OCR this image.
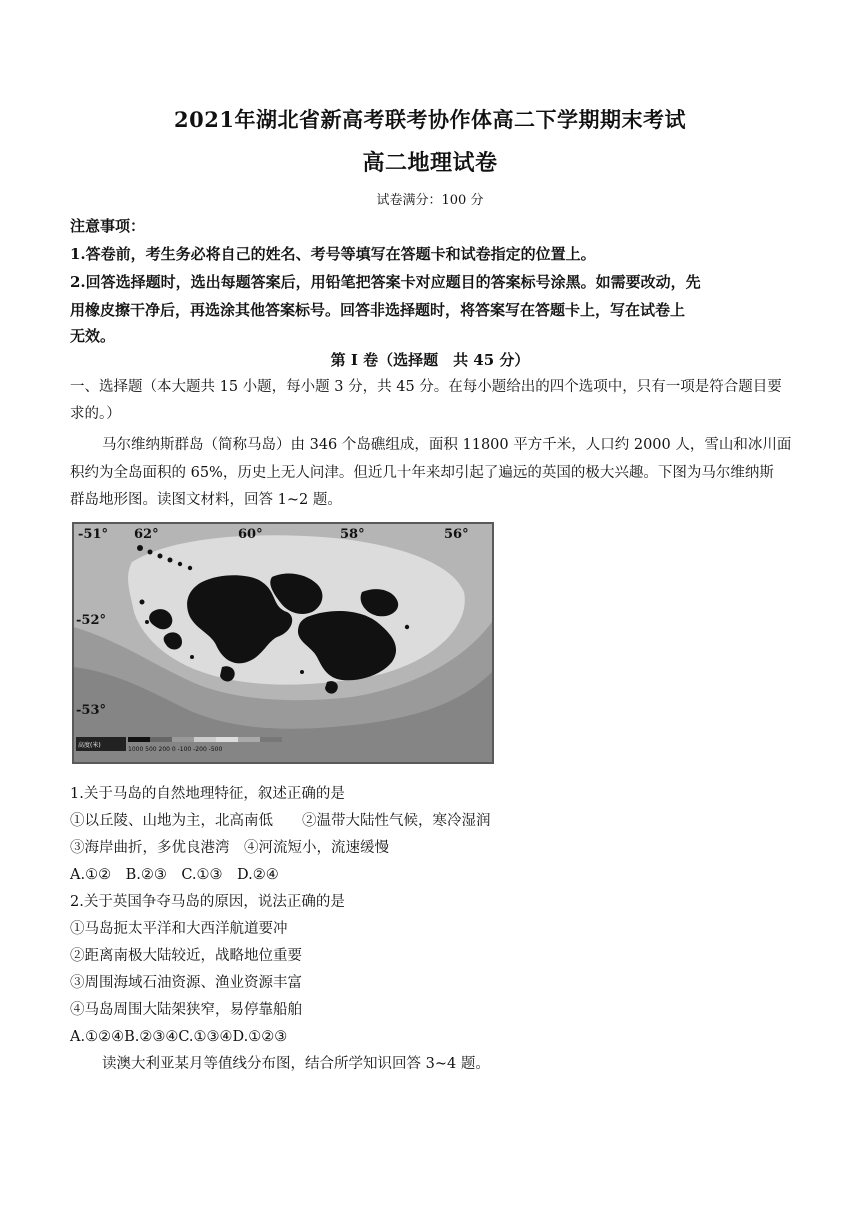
2021年湖北省新高考联考协作体高二下学期期末考试
高二地理试卷
试卷满分：100 分
注意事项：
1.答卷前，考生务必将自己的姓名、考号等填写在答题卡和试卷指定的位置上。
2.回答选择题时，选出每题答案后，用铅笔把答案卡对应题目的答案标号涂黑。如需要改动，先
用橡皮擦干净后，再选涂其他答案标号。回答非选择题时，将答案写在答题卡上，写在试卷上
无效。
第 I 卷（选择题　共 45 分）
一、选择题（本大题共 15 小题，每小题 3 分，共 45 分。在每小题给出的四个选项中，只有一项是符合题目要
求的。）
马尔维纳斯群岛（简称马岛）由 346 个岛礁组成，面积 11800 平方千米，人口约 2000 人，雪山和冰川面
积约为全岛面积的 65%，历史上无人问津。但近几十年来却引起了遍远的英国的极大兴趣。下图为马尔维纳斯
群岛地形图。读图文材料，回答 1~2 题。
-51° 62°	60°	58°	56°
-52°
-53°
高度(米)
1000 500 200 0 -100 -200 -500
1.关于马岛的自然地理特征，叙述正确的是
①以丘陵、山地为主，北高南低　　②温带大陆性气候，寒冷湿润
③海岸曲折，多优良港湾　④河流短小，流速缓慢
A.①②　B.②③　C.①③　D.②④
2.关于英国争夺马岛的原因，说法正确的是
①马岛扼太平洋和大西洋航道要冲
②距离南极大陆较近，战略地位重要
③周围海域石油资源、渔业资源丰富
④马岛周围大陆架狭窄，易停靠船舶
A.①②④B.②③④C.①③④D.①②③
读澳大利亚某月等值线分布图，结合所学知识回答 3~4 题。
